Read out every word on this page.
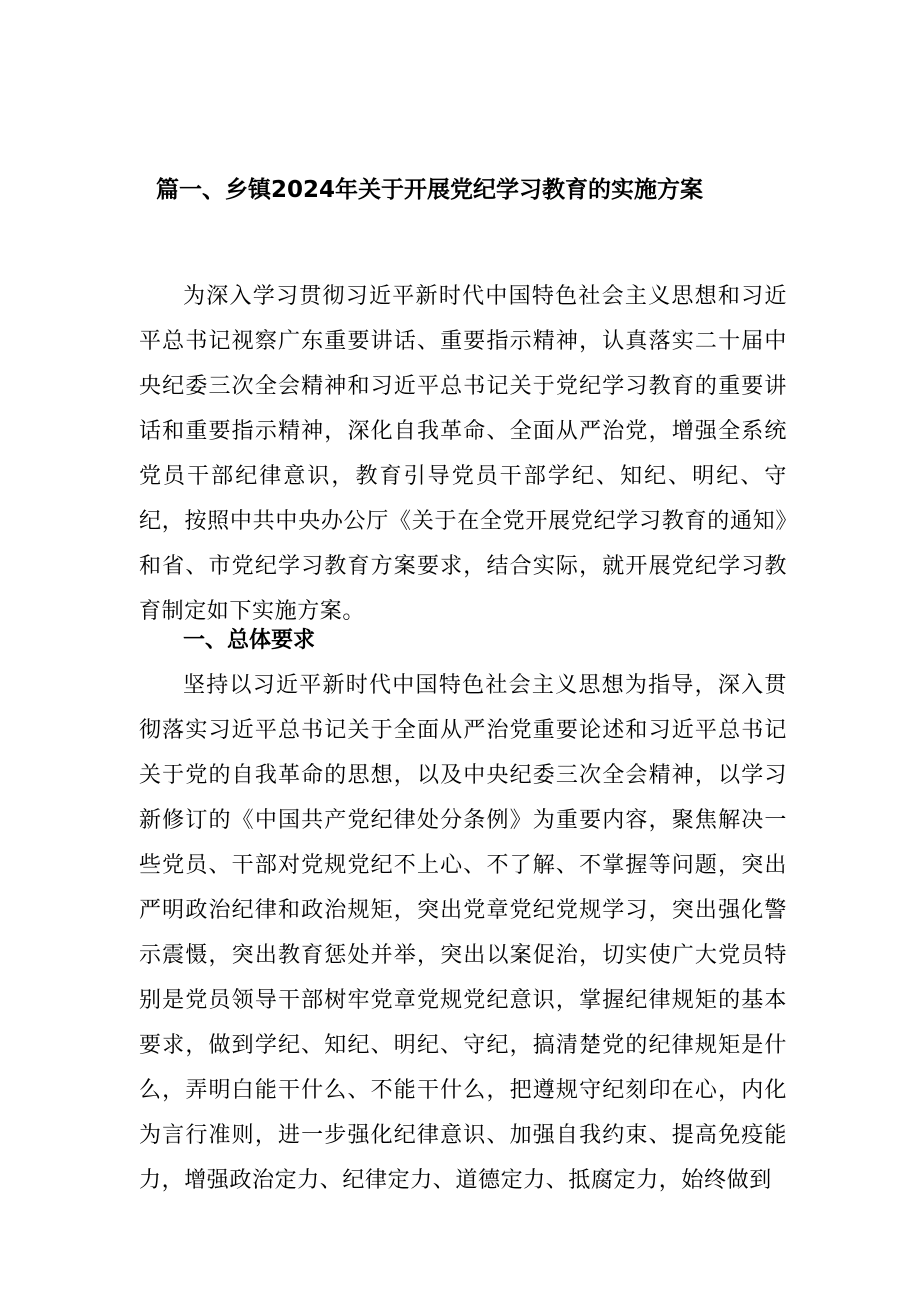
篇一、乡镇2024年关于开展党纪学习教育的实施方案

为深入学习贯彻习近平新时代中国特色社会主义思想和习近平总书记视察广东重要讲话、重要指示精神，认真落实二十届中央纪委三次全会精神和习近平总书记关于党纪学习教育的重要讲话和重要指示精神，深化自我革命、全面从严治党，增强全系统党员干部纪律意识，教育引导党员干部学纪、知纪、明纪、守纪，按照中共中央办公厅《关于在全党开展党纪学习教育的通知》和省、市党纪学习教育方案要求，结合实际，就开展党纪学习教育制定如下实施方案。

一、总体要求

坚持以习近平新时代中国特色社会主义思想为指导，深入贯彻落实习近平总书记关于全面从严治党重要论述和习近平总书记关于党的自我革命的思想，以及中央纪委三次全会精神，以学习新修订的《中国共产党纪律处分条例》为重要内容，聚焦解决一些党员、干部对党规党纪不上心、不了解、不掌握等问题，突出严明政治纪律和政治规矩，突出党章党纪党规学习，突出强化警示震慑，突出教育惩处并举，突出以案促治，切实使广大党员特别是党员领导干部树牢党章党规党纪意识，掌握纪律规矩的基本要求，做到学纪、知纪、明纪、守纪，搞清楚党的纪律规矩是什么，弄明白能干什么、不能干什么，把遵规守纪刻印在心，内化为言行准则，进一步强化纪律意识、加强自我约束、提高免疫能力，增强政治定力、纪律定力、道德定力、抵腐定力，始终做到
